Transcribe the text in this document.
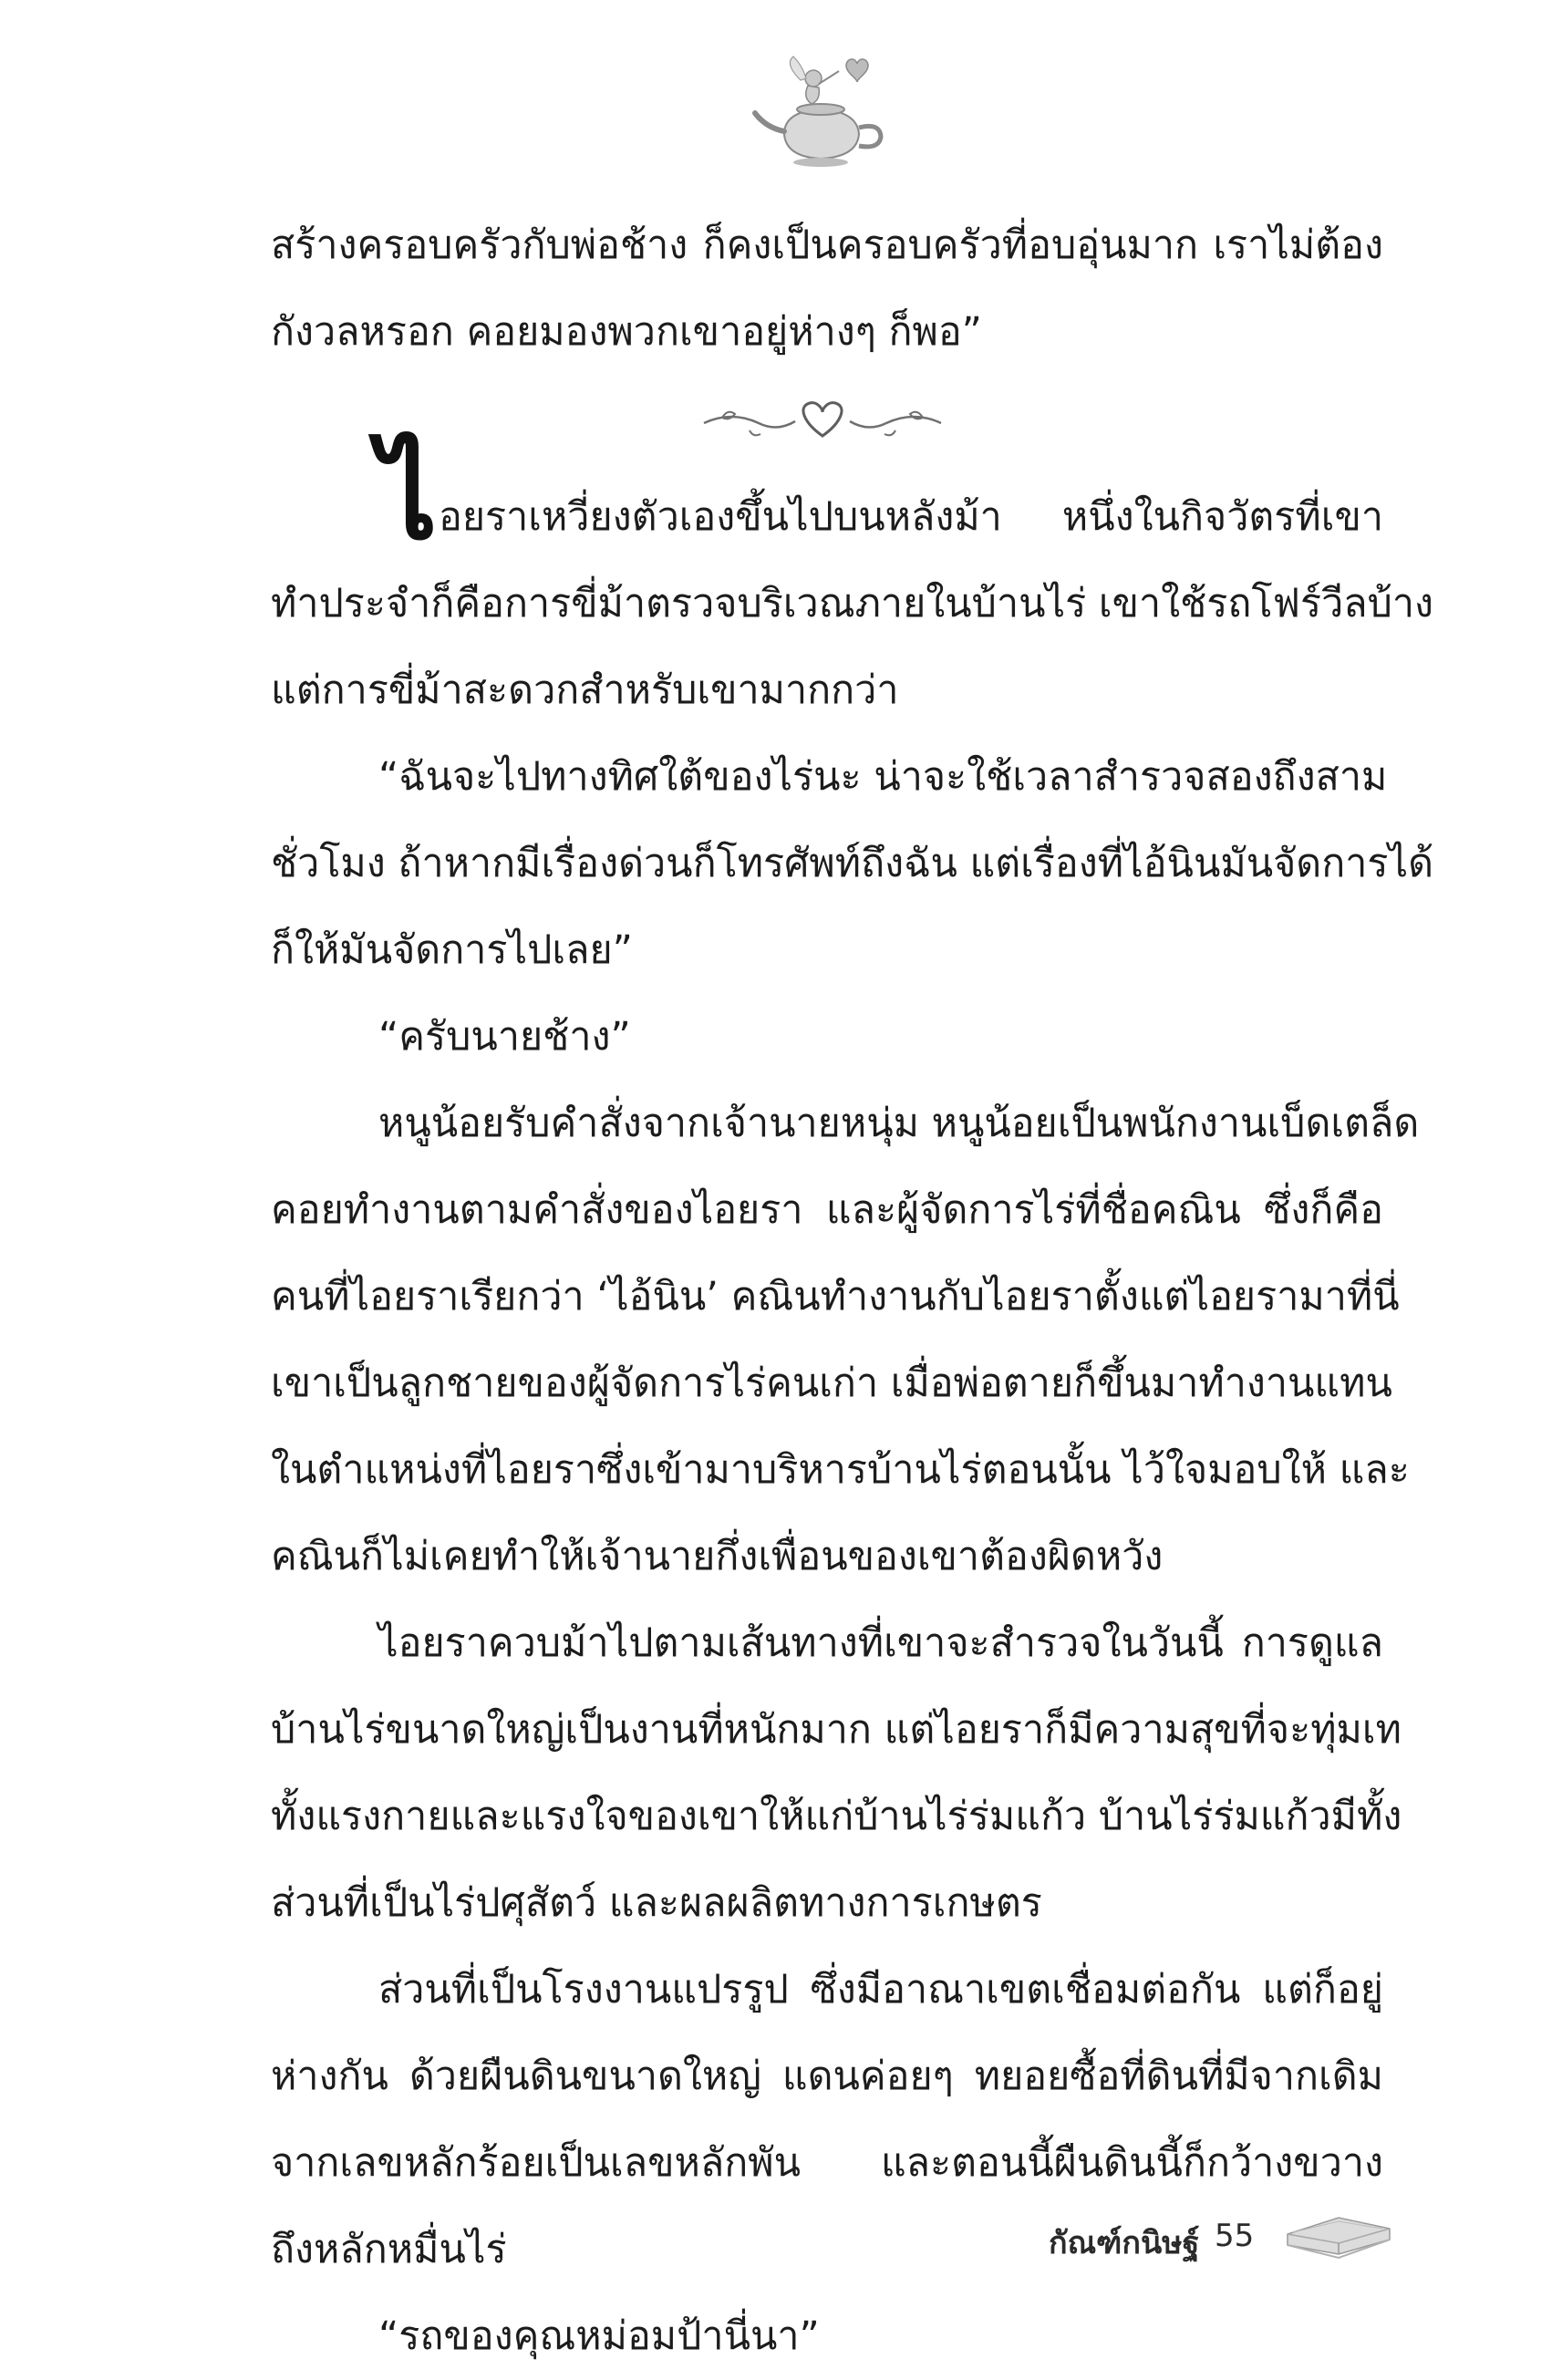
สร้างครอบครัวกับพ่อช้าง ก็คงเป็นครอบครัวที่อบอุ่นมาก เราไม่ต้อง
กังวลหรอก คอยมองพวกเขาอยู่ห่างๆ ก็พอ”
ไ อยราเหวี่ยงตัวเองขึ้นไปบนหลังม้า หนึ่งในกิจวัตรที่เขา
ทำประจำก็คือการขี่ม้าตรวจบริเวณภายในบ้านไร่ เขาใช้รถโฟร์วีลบ้าง
แต่การขี่ม้าสะดวกสำหรับเขามากกว่า
“ฉันจะไปทางทิศใต้ของไร่นะ น่าจะใช้เวลาสำรวจสองถึงสาม
ชั่วโมง ถ้าหากมีเรื่องด่วนก็โทรศัพท์ถึงฉัน แต่เรื่องที่ไอ้นินมันจัดการได้
ก็ให้มันจัดการไปเลย”
“ครับนายช้าง”
หนูน้อยรับคำสั่งจากเจ้านายหนุ่ม หนูน้อยเป็นพนักงานเบ็ดเตล็ด
คอยทำงานตามคำสั่งของไอยรา และผู้จัดการไร่ที่ชื่อคณิน ซึ่งก็คือ
คนที่ไอยราเรียกว่า ‘ไอ้นิน’ คณินทำงานกับไอยราตั้งแต่ไอยรามาที่นี่
เขาเป็นลูกชายของผู้จัดการไร่คนเก่า เมื่อพ่อตายก็ขึ้นมาทำงานแทน
ในตำแหน่งที่ไอยราซึ่งเข้ามาบริหารบ้านไร่ตอนนั้น ไว้ใจมอบให้ และ
คณินก็ไม่เคยทำให้เจ้านายกึ่งเพื่อนของเขาต้องผิดหวัง
ไอยราควบม้าไปตามเส้นทางที่เขาจะสำรวจในวันนี้ การดูแล
บ้านไร่ขนาดใหญ่เป็นงานที่หนักมาก แต่ไอยราก็มีความสุขที่จะทุ่มเท
ทั้งแรงกายและแรงใจของเขาให้แก่บ้านไร่ร่มแก้ว บ้านไร่ร่มแก้วมีทั้ง
ส่วนที่เป็นไร่ปศุสัตว์ และผลผลิตทางการเกษตร
ส่วนที่เป็นโรงงานแปรรูป ซึ่งมีอาณาเขตเชื่อมต่อกัน แต่ก็อยู่
ห่างกัน ด้วยผืนดินขนาดใหญ่ แดนค่อยๆ ทยอยซื้อที่ดินที่มีจากเดิม
จากเลขหลักร้อยเป็นเลขหลักพัน และตอนนี้ผืนดินนี้ก็กว้างขวาง
ถึงหลักหมื่นไร่
“รถของคุณหม่อมป้านี่นา”
กัณฑ์กนิษฐ์ 55
